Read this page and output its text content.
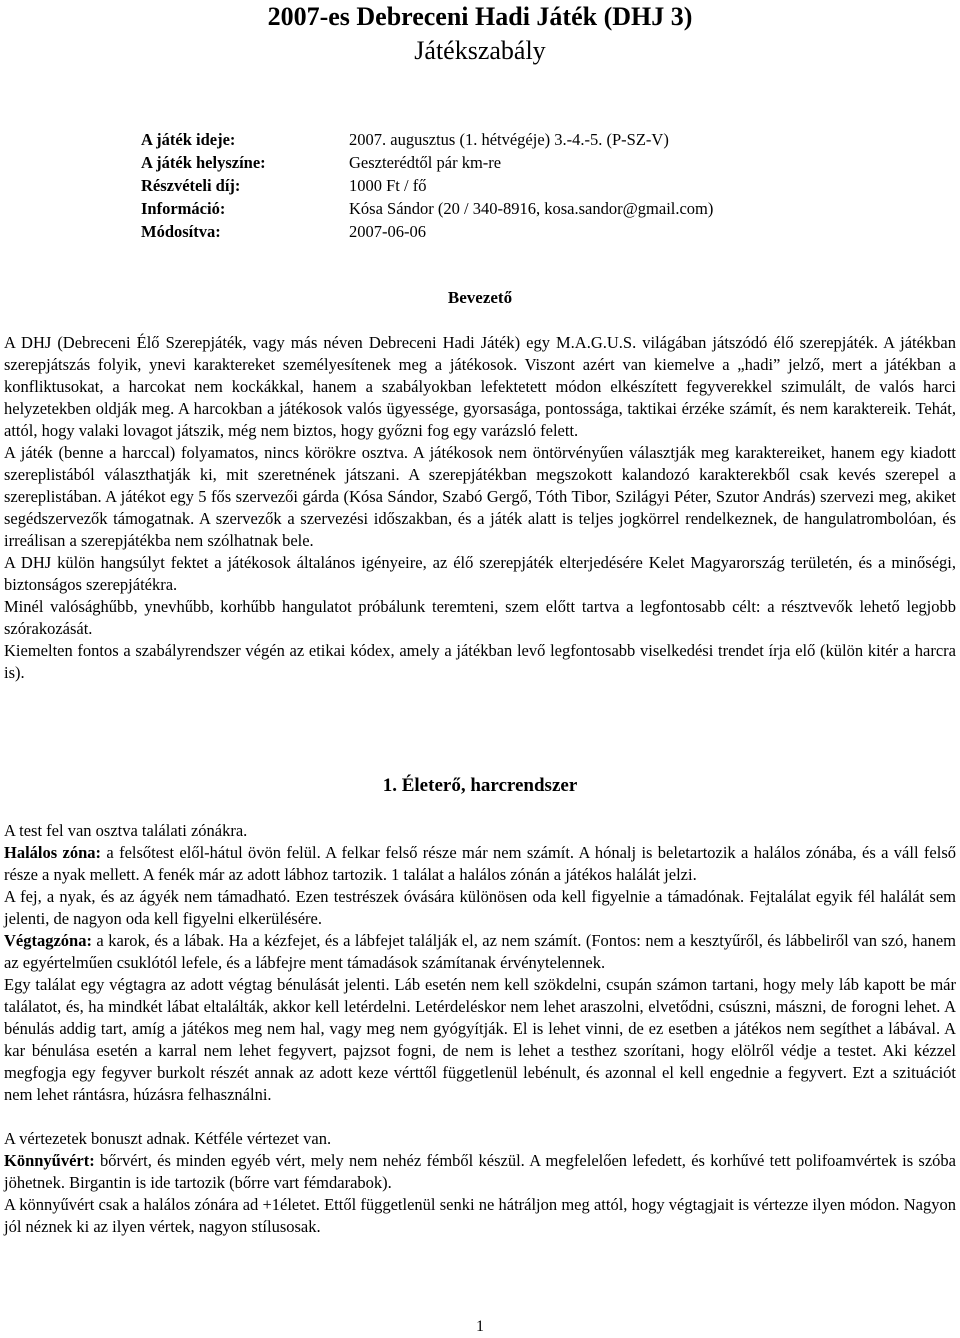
2007-es Debreceni Hadi Játék (DHJ 3)
Játékszabály
A játék ideje:	2007. augusztus (1. hétvégéje) 3.-4.-5. (P-SZ-V)
A játék helyszíne:	Geszterédtől pár km-re
Részvételi díj:	1000 Ft / fő
Információ:	Kósa Sándor (20 / 340-8916, kosa.sandor@gmail.com)
Módosítva:	2007-06-06
Bevezető

A DHJ (Debreceni Élő Szerepjáték, vagy más néven Debreceni Hadi Játék) egy M.A.G.U.S. világában játszódó élő szerepjáték. A játékban szerepjátszás folyik, ynevi karaktereket személyesítenek meg a játékosok. Viszont azért van kiemelve a „hadi” jelző, mert a játékban a konfliktusokat, a harcokat nem kockákkal, hanem a szabályokban lefektetett módon elkészített fegyverekkel szimulált, de valós harci helyzetekben oldják meg. A harcokban a játékosok valós ügyessége, gyorsasága, pontossága, taktikai érzéke számít, és nem karaktereik. Tehát, attól, hogy valaki lovagot játszik, még nem biztos, hogy győzni fog egy varázsló felett.

A játék (benne a harccal) folyamatos, nincs körökre osztva. A játékosok nem öntörvényűen választják meg karaktereiket, hanem egy kiadott szereplistából választhatják ki, mit szeretnének játszani. A szerepjátékban megszokott kalandozó karakterekből csak kevés szerepel a szereplistában. A játékot egy 5 fős szervezői gárda (Kósa Sándor, Szabó Gergő, Tóth Tibor, Szilágyi Péter, Szutor András) szervezi meg, akiket segédszervezők támogatnak. A szervezők a szervezési időszakban, és a játék alatt is teljes jogkörrel rendelkeznek, de hangulatrombolóan, és irreálisan a szerepjátékba nem szólhatnak bele.

A DHJ külön hangsúlyt fektet a játékosok általános igényeire, az élő szerepjáték elterjedésére Kelet Magyarország területén, és a minőségi, biztonságos szerepjátékra.

Minél valósághűbb, ynevhűbb, korhűbb hangulatot próbálunk teremteni, szem előtt tartva a legfontosabb célt: a résztvevők lehető legjobb szórakozását.

Kiemelten fontos a szabályrendszer végén az etikai kódex, amely a játékban levő legfontosabb viselkedési trendet írja elő (külön kitér a harcra is).

1. Életerő, harcrendszer

A test fel van osztva találati zónákra.

Halálos zóna: a felsőtest elől-hátul övön felül. A felkar felső része már nem számít. A hónalj is beletartozik a halálos zónába, és a váll felső része a nyak mellett. A fenék már az adott lábhoz tartozik. 1 találat a halálos zónán a játékos halálát jelzi.

A fej, a nyak, és az ágyék nem támadható. Ezen testrészek óvására különösen oda kell figyelnie a támadónak. Fejtalálat egyik fél halálát sem jelenti, de nagyon oda kell figyelni elkerülésére.

Végtagzóna: a karok, és a lábak. Ha a kézfejet, és a lábfejet találják el, az nem számít. (Fontos: nem a kesztyűről, és lábbeliről van szó, hanem az egyértelműen csuklótól lefele, és a lábfejre ment támadások számítanak érvénytelennek.

Egy találat egy végtagra az adott végtag bénulását jelenti. Láb esetén nem kell szökdelni, csupán számon tartani, hogy mely láb kapott be már találatot, és, ha mindkét lábat eltalálták, akkor kell letérdelni. Letérdeléskor nem lehet araszolni, elvetődni, csúszni, mászni, de forogni lehet. A bénulás addig tart, amíg a játékos meg nem hal, vagy meg nem gyógyítják. El is lehet vinni, de ez esetben a játékos nem segíthet a lábával. A kar bénulása esetén a karral nem lehet fegyvert, pajzsot fogni, de nem is lehet a testhez szorítani, hogy elölről védje a testet. Aki kézzel megfogja egy fegyver burkolt részét annak az adott keze vérttől függetlenül lebénult, és azonnal el kell engednie a fegyvert. Ezt a szituációt nem lehet rántásra, húzásra felhasználni.

A vértezetek bonuszt adnak. Kétféle vértezet van.

Könnyűvért: bőrvért, és minden egyéb vért, mely nem nehéz fémből készül. A megfelelően lefedett, és korhűvé tett polifoamvértek is szóba jöhetnek. Birgantin is ide tartozik (bőrre vart fémdarabok).

A könnyűvért csak a halálos zónára ad +1életet. Ettől függetlenül senki ne hátráljon meg attól, hogy végtagjait is vértezze ilyen módon. Nagyon jól néznek ki az ilyen vértek, nagyon stílusosak.

1
